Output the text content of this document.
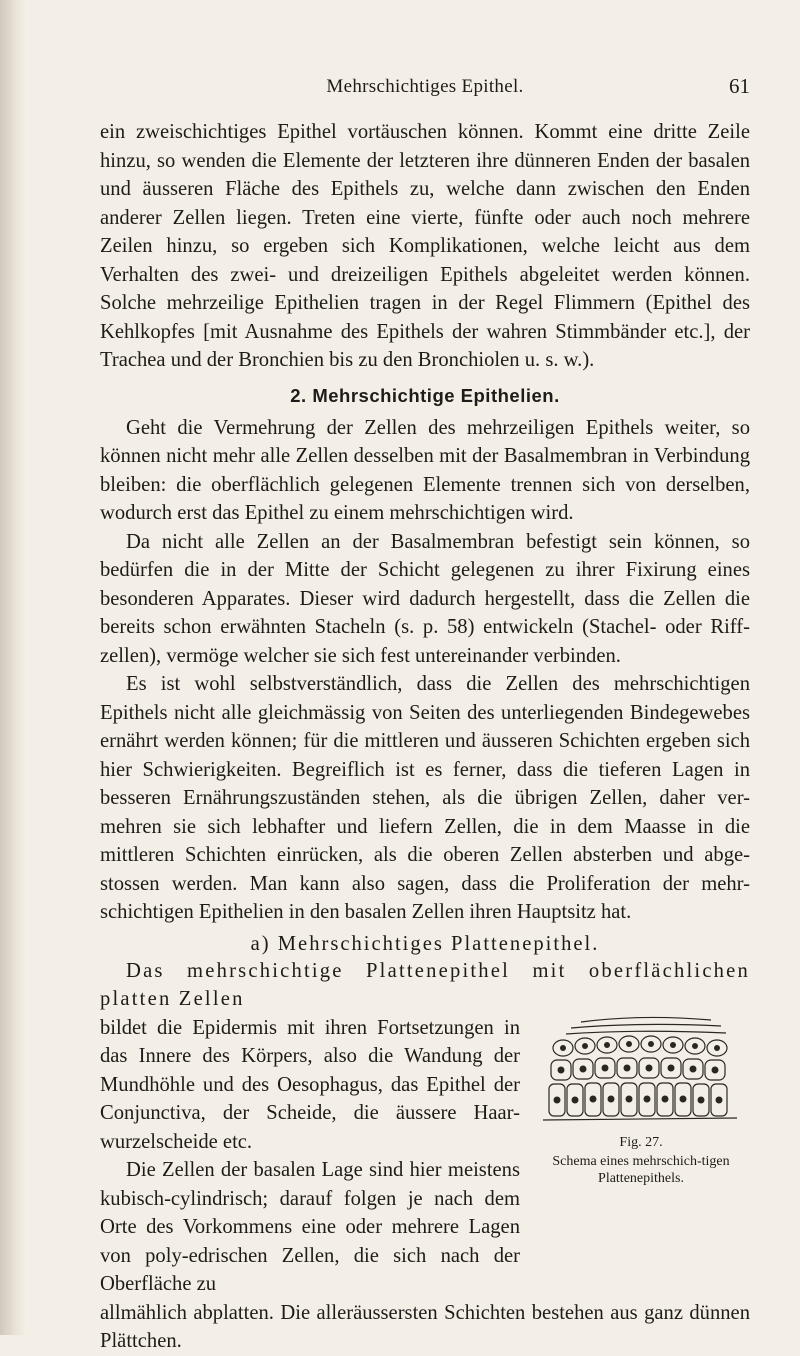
Mehrschichtiges Epithel.	61

ein zweischichtiges Epithel vortäuschen können. Kommt eine dritte Zeile hinzu, so wenden die Elemente der letzteren ihre dünneren Enden der basalen und äusseren Fläche des Epithels zu, welche dann zwischen den Enden anderer Zellen liegen. Treten eine vierte, fünfte oder auch noch mehrere Zeilen hinzu, so ergeben sich Komplikationen, welche leicht aus dem Verhalten des zwei- und dreizeiligen Epithels abgeleitet werden können. Solche mehrzeilige Epithelien tragen in der Regel Flimmern (Epithel des Kehlkopfes [mit Ausnahme des Epithels der wahren Stimmbänder etc.], der Trachea und der Bronchien bis zu den Bronchiolen u. s. w.).

2. Mehrschichtige Epithelien.

Geht die Vermehrung der Zellen des mehrzeiligen Epithels weiter, so können nicht mehr alle Zellen desselben mit der Basalmembran in Verbindung bleiben: die oberflächlich gelegenen Elemente trennen sich von derselben, wodurch erst das Epithel zu einem mehrschichtigen wird.

Da nicht alle Zellen an der Basalmembran befestigt sein können, so bedürfen die in der Mitte der Schicht gelegenen zu ihrer Fixirung eines besonderen Apparates. Dieser wird dadurch hergestellt, dass die Zellen die bereits schon erwähnten Stacheln (s. p. 58) entwickeln (Stachel- oder Riff-zellen), vermöge welcher sie sich fest untereinander verbinden.

Es ist wohl selbstverständlich, dass die Zellen des mehrschichtigen Epithels nicht alle gleichmässig von Seiten des unterliegenden Bindegewebes ernährt werden können; für die mittleren und äusseren Schichten ergeben sich hier Schwierigkeiten. Begreiflich ist es ferner, dass die tieferen Lagen in besseren Ernährungszuständen stehen, als die übrigen Zellen, daher ver-mehren sie sich lebhafter und liefern Zellen, die in dem Maasse in die mittleren Schichten einrücken, als die oberen Zellen absterben und abge-stossen werden. Man kann also sagen, dass die Proliferation der mehr-schichtigen Epithelien in den basalen Zellen ihren Hauptsitz hat.

a) Mehrschichtiges Plattenepithel.

Das mehrschichtige Plattenepithel mit oberflächlichen platten Zellen

Fig. 27.
Schema eines mehrschich-tigen Plattenepithels.

bildet die Epidermis mit ihren Fortsetzungen in das Innere des Körpers, also die Wandung der Mundhöhle und des Oesophagus, das Epithel der Conjunctiva, der Scheide, die äussere Haar-wurzelscheide etc.

Die Zellen der basalen Lage sind hier meistens kubisch-cylindrisch; darauf folgen je nach dem Orte des Vorkommens eine oder mehrere Lagen von poly-edrischen Zellen, die sich nach der Oberfläche zu

allmählich abplatten. Die alleräussersten Schichten bestehen aus ganz dünnen Plättchen.
